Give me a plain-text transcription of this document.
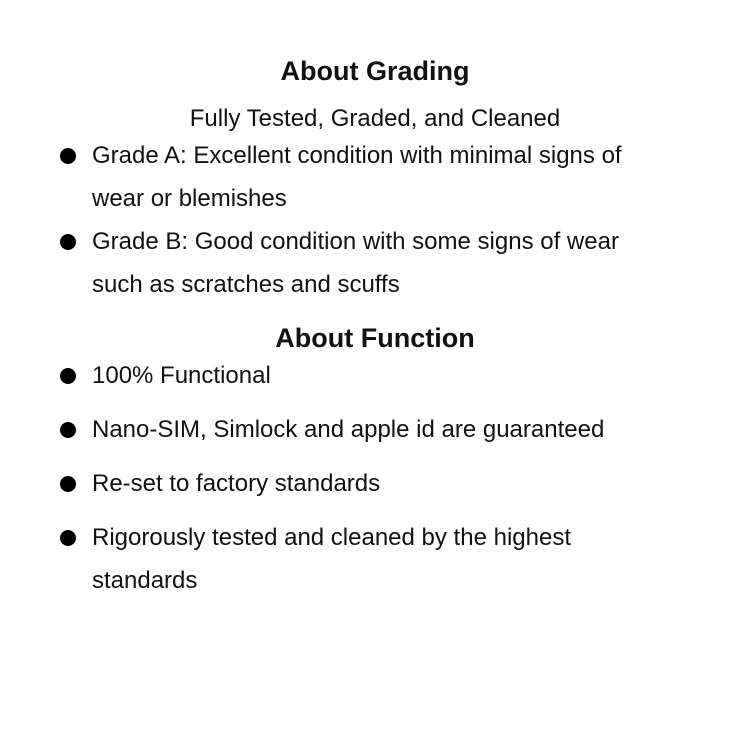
About Grading

Fully Tested, Graded, and Cleaned

Grade A: Excellent condition with minimal signs of wear or blemishes
Grade B: Good condition with some signs of wear such as scratches and scuffs
About Function
100% Functional
Nano-SIM, Simlock and apple id are guaranteed
Re-set to factory standards
Rigorously tested and cleaned by the highest standards
